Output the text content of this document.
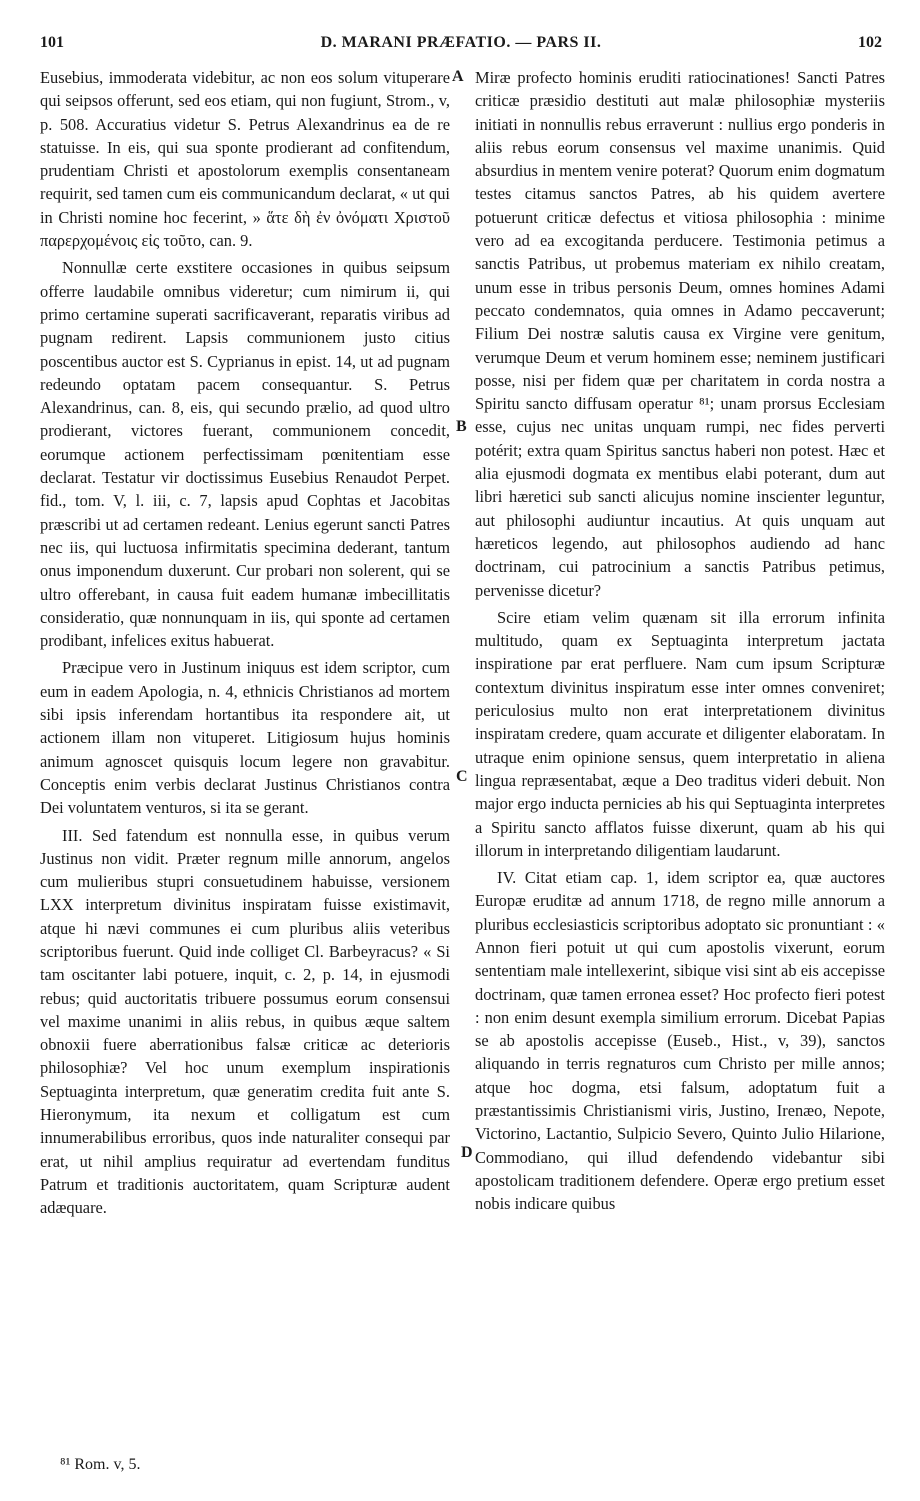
101	D. MARANI PRÆFATIO. — PARS II.	102

Eusebius, immoderata videbitur, ac non eos solum vituperare qui seipsos offerunt, sed eos etiam, qui non fugiunt, Strom., v, p. 508. Accuratius videtur S. Petrus Alexandrinus ea de re statuisse. In eis, qui sua sponte prodierant ad confitendum, prudentiam Christi et apostolorum exemplis consentaneam requirit, sed tamen cum eis communicandum declarat, « ut qui in Christi nomine hoc fecerint, » ἅτε δὴ ἐν ὀνόματι Χριστοῦ παρερχομένοις εἰς τοῦτο, can. 9.

Nonnullæ certe exstitere occasiones in quibus seipsum offerre laudabile omnibus videretur; cum nimirum ii, qui primo certamine superati sacrificaverant, reparatis viribus ad pugnam redirent. Lapsis communionem justo citius poscentibus auctor est S. Cyprianus in epist. 14, ut ad pugnam redeundo optatam pacem consequantur. S. Petrus Alexandrinus, can. 8, eis, qui secundo prælio, ad quod ultro prodierant, victores fuerant, communionem concedit, eorumque actionem perfectissimam pœnitentiam esse declarat. Testatur vir doctissimus Eusebius Renaudot Perpet. fid., tom. V, l. iii, c. 7, lapsis apud Cophtas et Jacobitas præscribi ut ad certamen redeant. Lenius egerunt sancti Patres nec iis, qui luctuosa infirmitatis specimina dederant, tantum onus imponendum duxerunt. Cur probari non solerent, qui se ultro offerebant, in causa fuit eadem humanæ imbecillitatis consideratio, quæ nonnunquam in iis, qui sponte ad certamen prodibant, infelices exitus habuerat.

Præcipue vero in Justinum iniquus est idem scriptor, cum eum in eadem Apologia, n. 4, ethnicis Christianos ad mortem sibi ipsis inferendam hortantibus ita respondere ait, ut actionem illam non vituperet. Litigiosum hujus hominis animum agnoscet quisquis locum legere non gravabitur. Conceptis enim verbis declarat Justinus Christianos contra Dei voluntatem venturos, si ita se gerant.

III. Sed fatendum est nonnulla esse, in quibus verum Justinus non vidit. Præter regnum mille annorum, angelos cum mulieribus stupri consuetudinem habuisse, versionem LXX interpretum divinitus inspiratam fuisse existimavit, atque hi nævi communes ei cum pluribus aliis veteribus scriptoribus fuerunt. Quid inde colliget Cl. Barbeyracus? « Si tam oscitanter labi potuere, inquit, c. 2, p. 14, in ejusmodi rebus; quid auctoritatis tribuere possumus eorum consensui vel maxime unanimi in aliis rebus, in quibus æque saltem obnoxii fuere aberrationibus falsæ criticæ ac deterioris philosophiæ? Vel hoc unum exemplum inspirationis Septuaginta interpretum, quæ generatim credita fuit ante S. Hieronymum, ita nexum et colligatum est cum innumerabilibus erroribus, quos inde naturaliter consequi par erat, ut nihil amplius requiratur ad evertendam funditus Patrum et traditionis auctoritatem, quam Scripturæ audent adæquare.

A
B
C
D

Miræ profecto hominis eruditi ratiocinationes! Sancti Patres criticæ præsidio destituti aut malæ philosophiæ mysteriis initiati in nonnullis rebus erraverunt : nullius ergo ponderis in aliis rebus eorum consensus vel maxime unanimis. Quid absurdius in mentem venire poterat? Quorum enim dogmatum testes citamus sanctos Patres, ab his quidem avertere potuerunt criticæ defectus et vitiosa philosophia : minime vero ad ea excogitanda perducere. Testimonia petimus a sanctis Patribus, ut probemus materiam ex nihilo creatam, unum esse in tribus personis Deum, omnes homines Adami peccato condemnatos, quia omnes in Adamo peccaverunt; Filium Dei nostræ salutis causa ex Virgine vere genitum, verumque Deum et verum hominem esse; neminem justificari posse, nisi per fidem quæ per charitatem in corda nostra a Spiritu sancto diffusam operatur ⁸¹; unam prorsus Ecclesiam esse, cujus nec unitas unquam rumpi, nec fides perverti potérit; extra quam Spiritus sanctus haberi non potest. Hæc et alia ejusmodi dogmata ex mentibus elabi poterant, dum aut libri hæretici sub sancti alicujus nomine inscienter leguntur, aut philosophi audiuntur incautius. At quis unquam aut hæreticos legendo, aut philosophos audiendo ad hanc doctrinam, cui patrocinium a sanctis Patribus petimus, pervenisse dicetur?

Scire etiam velim quænam sit illa errorum infinita multitudo, quam ex Septuaginta interpretum jactata inspiratione par erat perfluere. Nam cum ipsum Scripturæ contextum divinitus inspiratum esse inter omnes conveniret; periculosius multo non erat interpretationem divinitus inspiratam credere, quam accurate et diligenter elaboratam. In utraque enim opinione sensus, quem interpretatio in aliena lingua repræsentabat, æque a Deo traditus videri debuit. Non major ergo inducta pernicies ab his qui Septuaginta interpretes a Spiritu sancto afflatos fuisse dixerunt, quam ab his qui illorum in interpretando diligentiam laudarunt.

IV. Citat etiam cap. 1, idem scriptor ea, quæ auctores Europæ eruditæ ad annum 1718, de regno mille annorum a pluribus ecclesiasticis scriptoribus adoptato sic pronuntiant : « Annon fieri potuit ut qui cum apostolis vixerunt, eorum sententiam male intellexerint, sibique visi sint ab eis accepisse doctrinam, quæ tamen erronea esset? Hoc profecto fieri potest : non enim desunt exempla similium errorum. Dicebat Papias se ab apostolis accepisse (Euseb., Hist., v, 39), sanctos aliquando in terris regnaturos cum Christo per mille annos; atque hoc dogma, etsi falsum, adoptatum fuit a præstantissimis Christianismi viris, Justino, Irenæo, Nepote, Victorino, Lactantio, Sulpicio Severo, Quinto Julio Hilarione, Commodiano, qui illud defendendo videbantur sibi apostolicam traditionem defendere. Operæ ergo pretium esset nobis indicare quibus

⁸¹ Rom. v, 5.
